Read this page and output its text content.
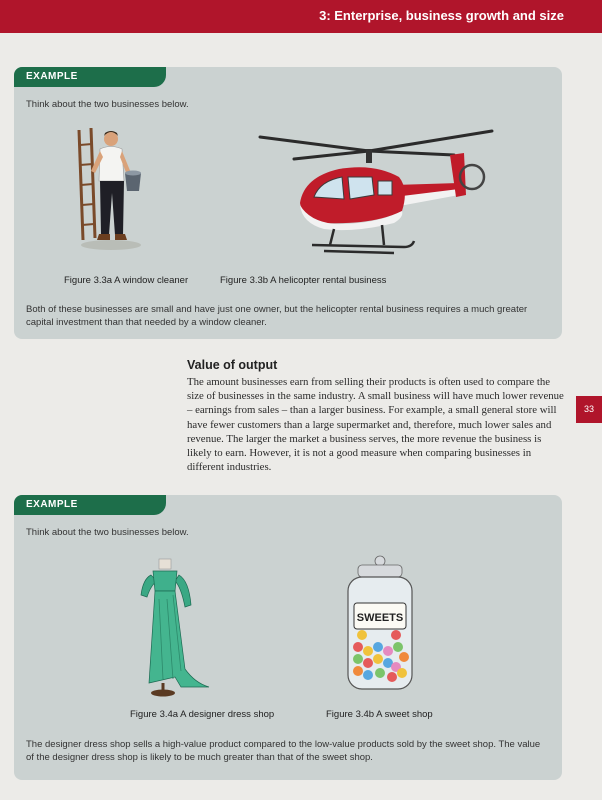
3: Enterprise, business growth and size
33
EXAMPLE
Think about the two businesses below.
Figure 3.3a A window cleaner	Figure 3.3b A helicopter rental business
Both of these businesses are small and have just one owner, but the helicopter rental business requires a much greater capital investment than that needed by a window cleaner.
Value of output
The amount businesses earn from selling their products is often used to compare the size of businesses in the same industry. A small business will have much lower revenue – earnings from sales – than a larger business. For example, a small general store will have fewer customers than a large supermarket and, therefore, much lower sales and revenue. The larger the market a business serves, the more revenue the business is likely to earn. However, it is not a good measure when comparing businesses in different industries.
EXAMPLE
Think about the two businesses below.
SWEETS
Figure 3.4a A designer dress shop	Figure 3.4b A sweet shop
The designer dress shop sells a high-value product compared to the low-value products sold by the sweet shop. The value of the designer dress shop is likely to be much greater than that of the sweet shop.
